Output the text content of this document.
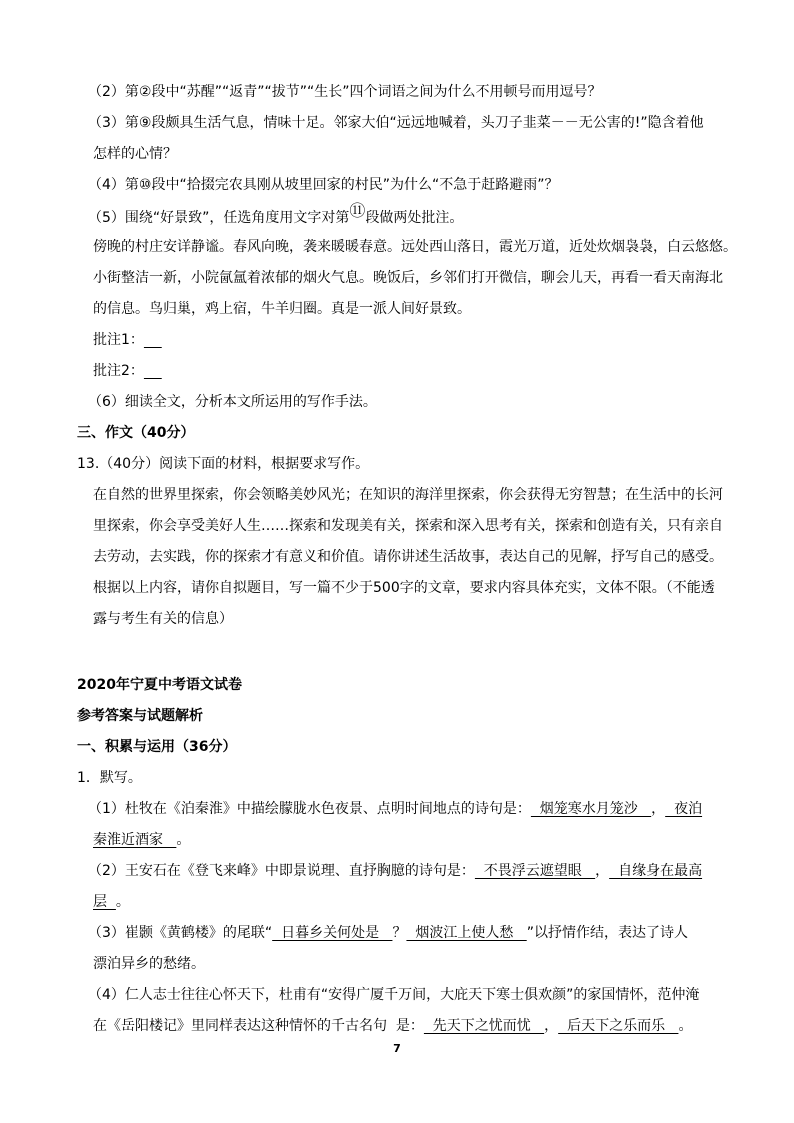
（2）第②段中“苏醒”“返青”“拔节”“生长”四个词语之间为什么不用顿号而用逗号？
（3）第⑨段颇具生活气息，情味十足。邻家大伯“远远地喊着，头刀子韭菜－－无公害的!”隐含着他
怎样的心情？
（4）第⑩段中“拾掇完农具刚从坡里回家的村民”为什么“不急于赶路避雨”？
（5）围绕“好景致”，任选角度用文字对第⑪段做两处批注。
傍晚的村庄安详静谧。春风向晚，袭来暖暖春意。远处西山落日，霞光万道，近处炊烟袅袅，白云悠悠。
小街整洁一新，小院氤氲着浓郁的烟火气息。晚饭后，乡邻们打开微信，聊会儿天，再看一看天南海北
的信息。鸟归巢，鸡上宿，牛羊归圈。真是一派人间好景致。
批注1：
批注2：
（6）细读全文，分析本文所运用的写作手法。
三、作文（40分）
13.（40分）阅读下面的材料，根据要求写作。
在自然的世界里探索，你会领略美妙风光；在知识的海洋里探索，你会获得无穷智慧；在生活中的长河
里探索，你会享受美好人生……探索和发现美有关，探索和深入思考有关，探索和创造有关，只有亲自
去劳动，去实践，你的探索才有意义和价值。请你讲述生活故事，表达自己的见解，抒写自己的感受。
根据以上内容，请你自拟题目，写一篇不少于500字的文章，要求内容具体充实，文体不限。（不能透
露与考生有关的信息）
2020年宁夏中考语文试卷
参考答案与试题解析
一、积累与运用（36分）
1．默写。
（1）杜牧在《泊秦淮》中描绘朦胧水色夜景、点明时间地点的诗句是：  烟笼寒水月笼沙   ，  夜泊
秦淮近酒家   。
（2）王安石在《登飞来峰》中即景说理、直抒胸臆的诗句是：  不畏浮云遮望眼   ，  自缘身在最高
层  。
（3）崔颢《黄鹤楼》的尾联“  日暮乡关何处是   ？  烟波江上使人愁   ”以抒情作结，表达了诗人
漂泊异乡的愁绪。
（4）仁人志士往往心怀天下，杜甫有“安得广厦千万间，大庇天下寒士俱欢颜”的家国情怀，范仲淹
在《岳阳楼记》里同样表达这种情怀的千古名句  是：  先天下之忧而忧   ，  后天下之乐而乐   。
7
